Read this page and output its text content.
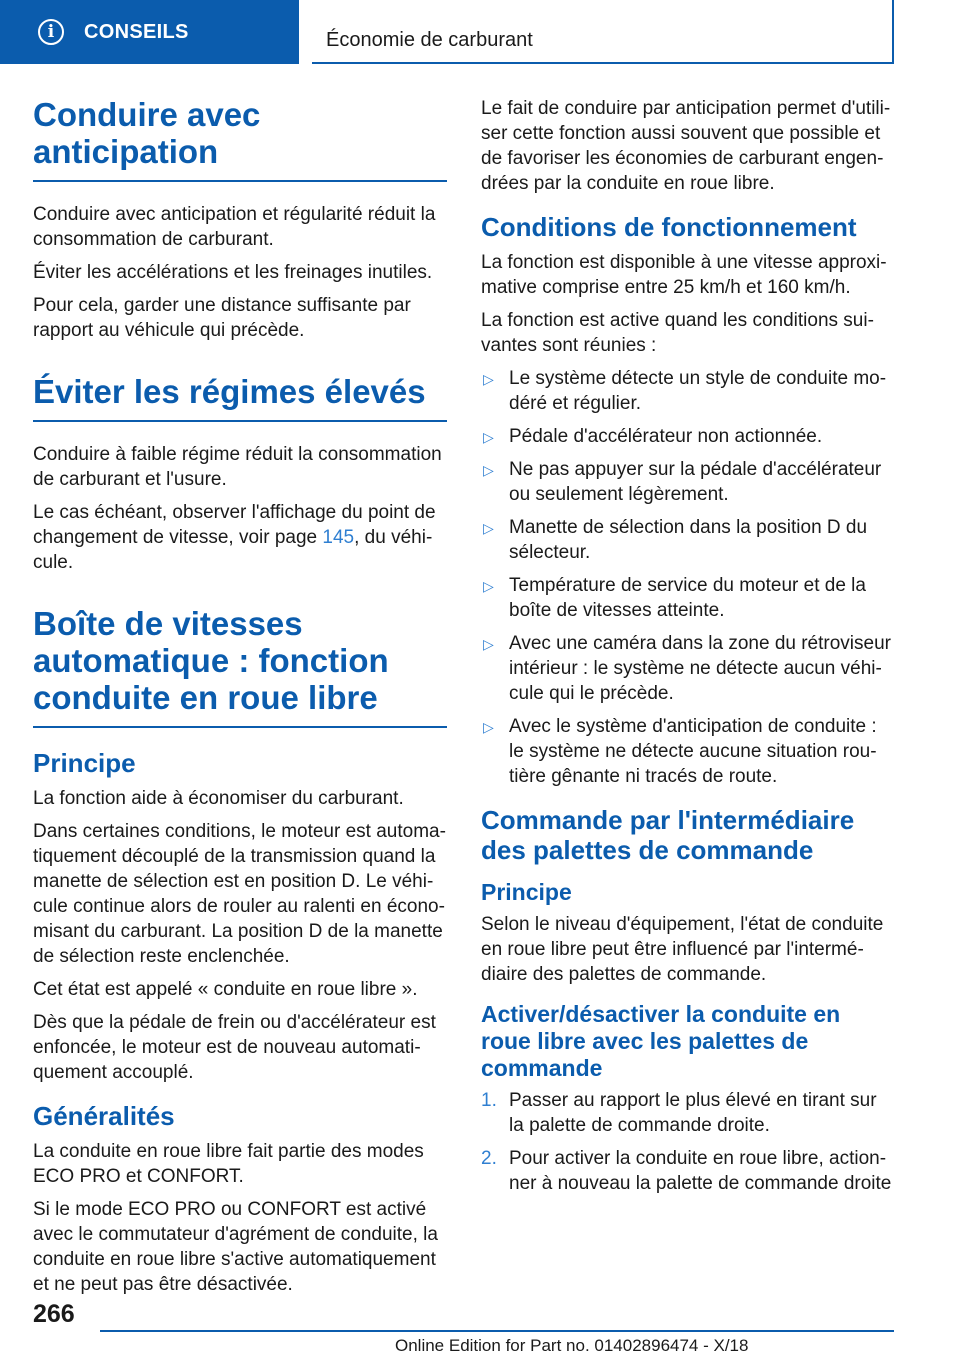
i	CONSEILS	Économie de carburant
Conduire avec anticipation

Conduire avec anticipation et régularité réduit la consommation de carburant.

Éviter les accélérations et les freinages inutiles.

Pour cela, garder une distance suffisante par rapport au véhicule qui précède.

Éviter les régimes élevés

Conduire à faible régime réduit la consommation de carburant et l'usure.

Le cas échéant, observer l'affichage du point de changement de vitesse, voir page 145, du véhicule.

Boîte de vitesses automatique : fonction conduite en roue libre
Principe

La fonction aide à économiser du carburant.

Dans certaines conditions, le moteur est automatiquement découplé de la transmission quand la manette de sélection est en position D. Le véhicule continue alors de rouler au ralenti en économisant du carburant. La position D de la manette de sélection reste enclenchée.

Cet état est appelé « conduite en roue libre ».

Dès que la pédale de frein ou d'accélérateur est enfoncée, le moteur est de nouveau automatiquement accouplé.

Généralités

La conduite en roue libre fait partie des modes ECO PRO et CONFORT.

Si le mode ECO PRO ou CONFORT est activé avec le commutateur d'agrément de conduite, la conduite en roue libre s'active automatiquement et ne peut pas être désactivée.

Le fait de conduire par anticipation permet d'utiliser cette fonction aussi souvent que possible et de favoriser les économies de carburant engendrées par la conduite en roue libre.

Conditions de fonctionnement

La fonction est disponible à une vitesse approximative comprise entre 25 km/h et 160 km/h.

La fonction est active quand les conditions suivantes sont réunies :

▷ Le système détecte un style de conduite modéré et régulier.
▷ Pédale d'accélérateur non actionnée.
▷ Ne pas appuyer sur la pédale d'accélérateur ou seulement légèrement.
▷ Manette de sélection dans la position D du sélecteur.
▷ Température de service du moteur et de la boîte de vitesses atteinte.
▷ Avec une caméra dans la zone du rétroviseur intérieur : le système ne détecte aucun véhicule qui le précède.
▷ Avec le système d'anticipation de conduite : le système ne détecte aucune situation routière gênante ni tracés de route.
Commande par l'intermédiaire des palettes de commande
Principe

Selon le niveau d'équipement, l'état de conduite en roue libre peut être influencé par l'intermédiaire des palettes de commande.

Activer/désactiver la conduite en roue libre avec les palettes de commande
1. Passer au rapport le plus élevé en tirant sur la palette de commande droite.
2. Pour activer la conduite en roue libre, actionner à nouveau la palette de commande droite
266
Online Edition for Part no. 01402896474 - X/18
